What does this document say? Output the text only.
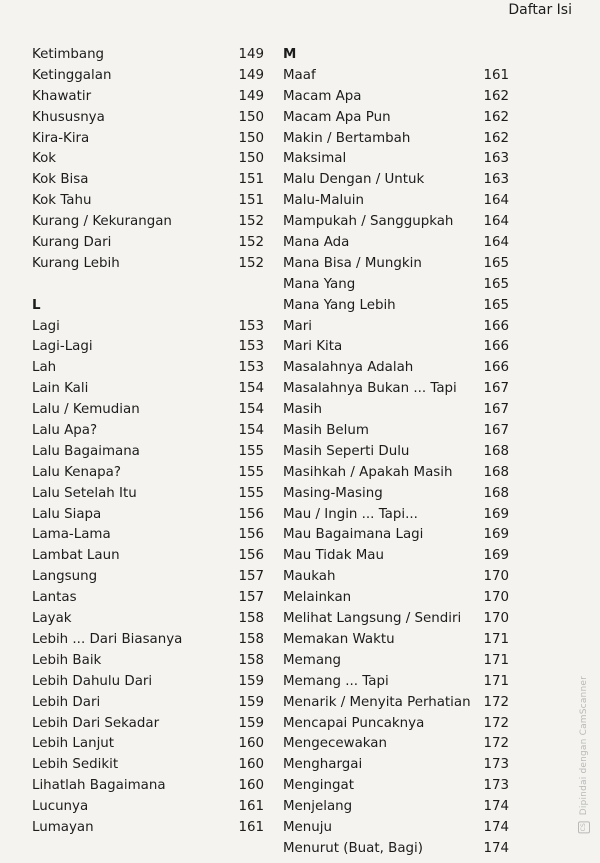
Daftar Isi
Ketimbang	149
Ketinggalan	149
Khawatir	149
Khususnya	150
Kira-Kira	150
Kok	150
Kok Bisa	151
Kok Tahu	151
Kurang / Kekurangan	152
Kurang Dari	152
Kurang Lebih	152
L
Lagi	153
Lagi-Lagi	153
Lah	153
Lain Kali	154
Lalu / Kemudian	154
Lalu Apa?	154
Lalu Bagaimana	155
Lalu Kenapa?	155
Lalu Setelah Itu	155
Lalu Siapa	156
Lama-Lama	156
Lambat Laun	156
Langsung	157
Lantas	157
Layak	158
Lebih ... Dari Biasanya	158
Lebih Baik	158
Lebih Dahulu Dari	159
Lebih Dari	159
Lebih Dari Sekadar	159
Lebih Lanjut	160
Lebih Sedikit	160
Lihatlah Bagaimana	160
Lucunya	161
Lumayan	161
M
Maaf	161
Macam Apa	162
Macam Apa Pun	162
Makin / Bertambah	162
Maksimal	163
Malu Dengan / Untuk	163
Malu-Maluin	164
Mampukah / Sanggupkah 164
Mana Ada	164
Mana Bisa / Mungkin	165
Mana Yang	165
Mana Yang Lebih	165
Mari	166
Mari Kita	166
Masalahnya Adalah	166
Masalahnya Bukan ... Tapi 167
Masih	167
Masih Belum	167
Masih Seperti Dulu	168
Masihkah / Apakah Masih 168
Masing-Masing	168
Mau / Ingin ... Tapi...	169
Mau Bagaimana Lagi	169
Mau Tidak Mau	169
Maukah	170
Melainkan	170
Melihat Langsung / Sendiri 170
Memakan Waktu	171
Memang	171
Memang ... Tapi	171
Menarik / Menyita Perhatian 172
Mencapai Puncaknya	172
Mengecewakan	172
Menghargai	173
Mengingat	173
Menjelang	174
Menuju	174
Menurut (Buat, Bagi)	174
CS Dipindai dengan CamScanner
